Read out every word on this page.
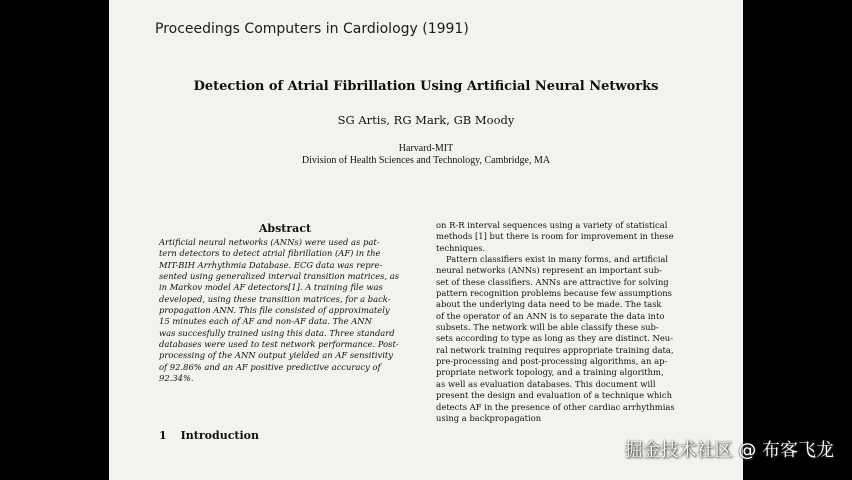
Proceedings Computers in Cardiology (1991)
Detection of Atrial Fibrillation Using Artificial Neural Networks
SG Artis, RG Mark, GB Moody
Harvard-MIT
Division of Health Sciences and Technology, Cambridge, MA
Abstract
Artificial neural networks (ANNs) were used as pat-
tern detectors to detect atrial fibrillation (AF) in the
MIT-BIH Arrhythmia Database. ECG data was repre-
sented using generalized interval transition matrices, as
in Markov model AF detectors[1]. A training file was
developed, using these transition matrices, for a back-
propagation ANN. This file consisted of approximately
15 minutes each of AF and non-AF data. The ANN
was succesfully trained using this data. Three standard
databases were used to test network performance. Post-
processing of the ANN output yielded an AF sensitivity
of 92.86% and an AF positive predictive accuracy of
92.34%.
1 Introduction
on R-R interval sequences using a variety of statistical
methods [1] but there is room for improvement in these
techniques.
Pattern classifiers exist in many forms, and artificial
neural networks (ANNs) represent an important sub-
set of these classifiers. ANNs are attractive for solving
pattern recognition problems because few assumptions
about the underlying data need to be made. The task
of the operator of an ANN is to separate the data into
subsets. The network will be able classify these sub-
sets according to type as long as they are distinct. Neu-
ral network training requires appropriate training data,
pre-processing and post-processing algorithms, an ap-
propriate network topology, and a training algorithm,
as well as evaluation databases. This document will
present the design and evaluation of a technique which
detects AF in the presence of other cardiac arrhythmias
using a backpropagation
掘金技术社区 @ 布客飞龙
